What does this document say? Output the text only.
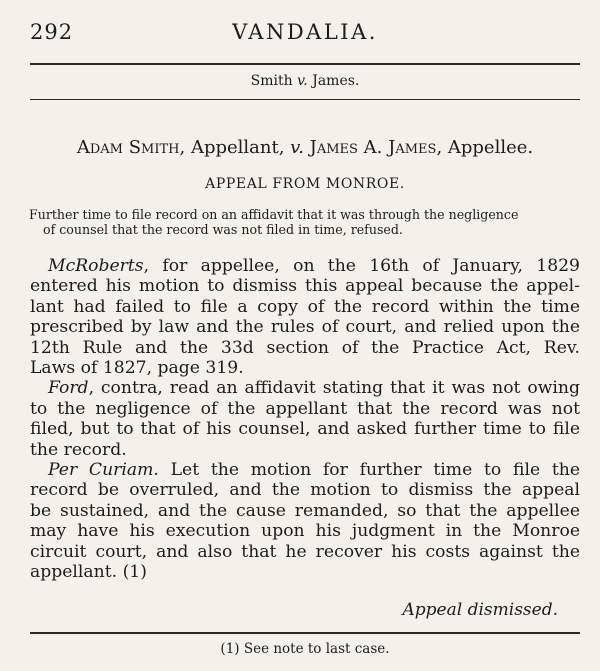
292	VANDALIA.
Smith v. James.
Adam Smith, Appellant, v. James A. James, Appellee.
APPEAL FROM MONROE.
Further time to file record on an affidavit that it was through the negligence
of counsel that the record was not filed in time, refused.
McRoberts, for appellee, on the 16th of January, 1829
entered his motion to dismiss this appeal because the appel-
lant had failed to file a copy of the record within the time
prescribed by law and the rules of court, and relied upon the
12th Rule and the 33d section of the Practice Act, Rev.
Laws of 1827, page 319.
Ford, contra, read an affidavit stating that it was not owing
to the negligence of the appellant that the record was not
filed, but to that of his counsel, and asked further time to file
the record.
Per Curiam. Let the motion for further time to file the
record be overruled, and the motion to dismiss the appeal
be sustained, and the cause remanded, so that the appellee
may have his execution upon his judgment in the Monroe
circuit court, and also that he recover his costs against the
appellant. (1)
Appeal dismissed.
(1) See note to last case.
